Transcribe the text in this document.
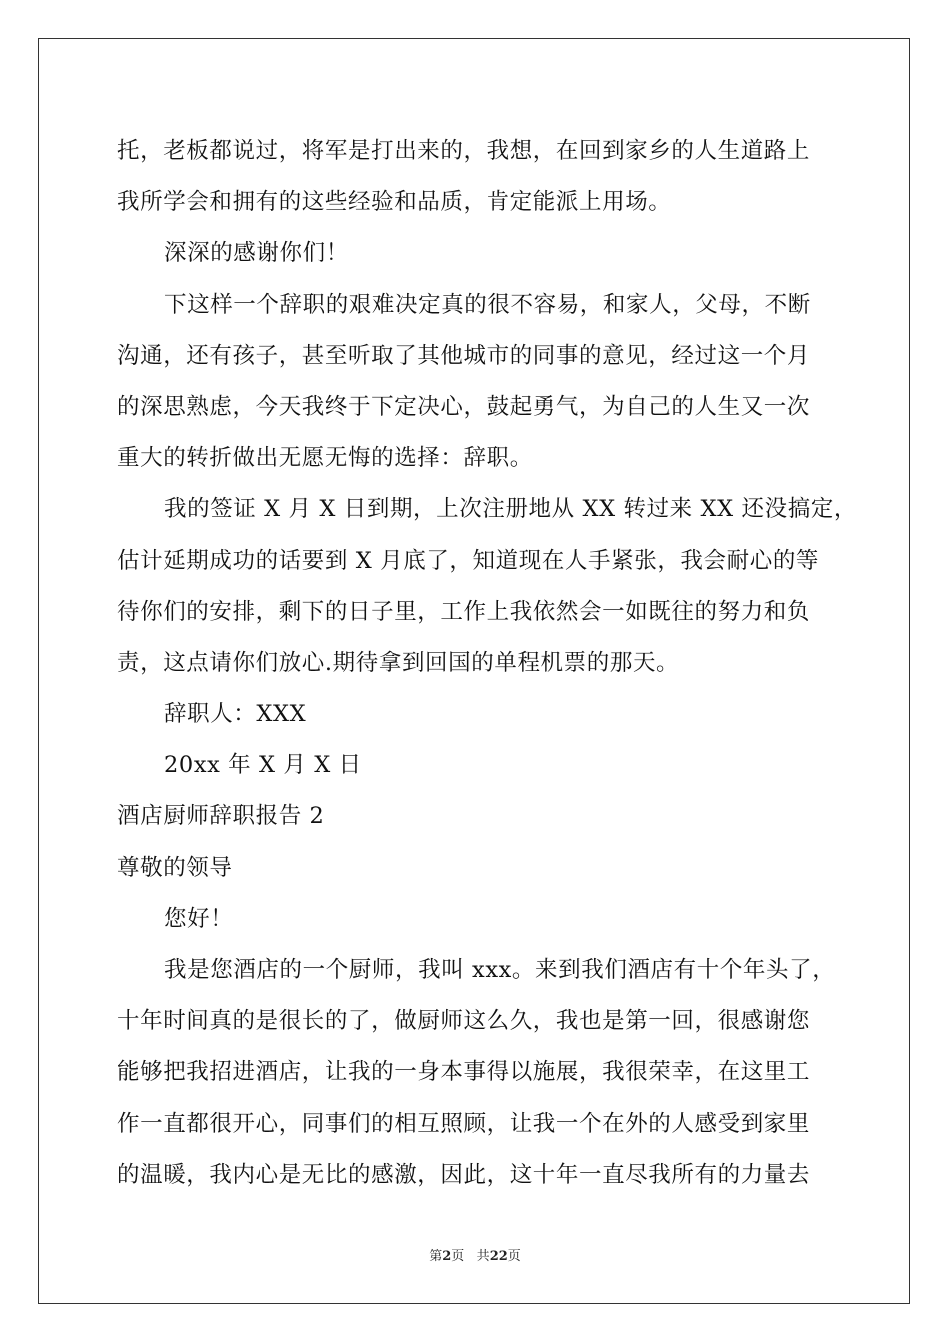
托，老板都说过，将军是打出来的，我想，在回到家乡的人生道路上
我所学会和拥有的这些经验和品质，肯定能派上用场。
深深的感谢你们！
下这样一个辞职的艰难决定真的很不容易，和家人，父母，不断
沟通，还有孩子，甚至听取了其他城市的同事的意见，经过这一个月
的深思熟虑，今天我终于下定决心，鼓起勇气，为自己的人生又一次
重大的转折做出无愿无悔的选择：辞职。
我的签证 X 月 X 日到期，上次注册地从 XX 转过来 XX 还没搞定，
估计延期成功的话要到 X 月底了，知道现在人手紧张，我会耐心的等
待你们的安排，剩下的日子里，工作上我依然会一如既往的努力和负
责，这点请你们放心.期待拿到回国的单程机票的那天。
辞职人：XXX
20xx 年 X 月 X 日
酒店厨师辞职报告 2
尊敬的领导
您好！
我是您酒店的一个厨师，我叫 xxx。来到我们酒店有十个年头了，
十年时间真的是很长的了，做厨师这么久，我也是第一回，很感谢您
能够把我招进酒店，让我的一身本事得以施展，我很荣幸，在这里工
作一直都很开心，同事们的相互照顾，让我一个在外的人感受到家里
的温暖，我内心是无比的感激，因此，这十年一直尽我所有的力量去
第2页 共22页
